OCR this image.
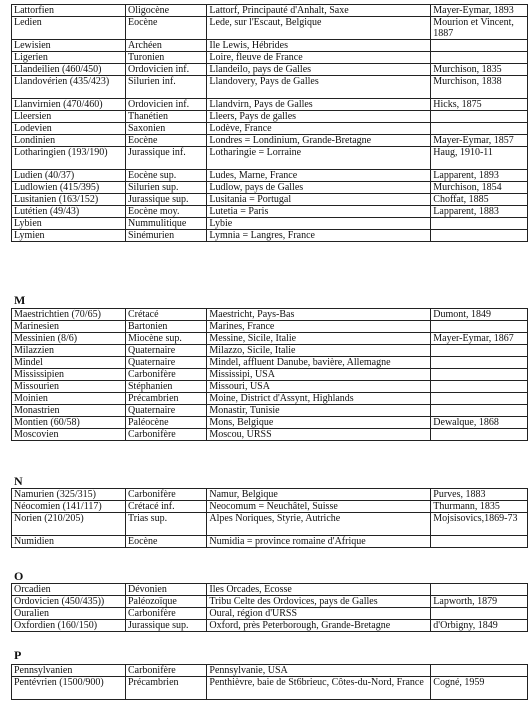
Lattorfien	Oligocène	Lattorf, Principauté d'Anhalt, Saxe	Mayer-Eymar, 1893
Ledien	Eocène	Lede, sur l'Escaut, Belgique	Mourion et Vincent, 1887
Lewisien	Archéen	Ile Lewis, Hébrides	
Ligerien	Turonien	Loire, fleuve de France	
Llandeilien (460/450)	Ordovicien inf.	Llandeilo, pays de Galles	Murchison, 1835
Llandovérien (435/423)	Silurien inf.	Llandovery, Pays de Galles	Murchison, 1838
Llanvirnien (470/460)	Ordovicien inf.	Llandvirn, Pays de Galles	Hicks, 1875
Lleersien	Thanétien	Lleers, Pays de galles	
Lodevien	Saxonien	Lodève, France	
Londinien	Eocène	Londres = Londinium, Grande-Bretagne	Mayer-Eymar, 1857
Lotharingien (193/190)	Jurassique inf.	Lotharingie = Lorraine	Haug, 1910-11
Ludien (40/37)	Eocène sup.	Ludes, Marne, France	Lapparent, 1893
Ludlowien (415/395)	Silurien sup.	Ludlow, pays de Galles	Murchison, 1854
Lusitanien (163/152)	Jurassique sup.	Lusitania = Portugal	Choffat, 1885
Lutétien (49/43)	Eocène moy.	Lutetia = Paris	Lapparent, 1883
Lybien	Nummulitique	Lybie	
Lymien	Sinémurien	Lymnia = Langres, France	
M
Maestrichtien (70/65)	Crétacé	Maestricht, Pays-Bas	Dumont, 1849
Marinesien	Bartonien	Marines, France	
Messinien (8/6)	Miocène sup.	Messine, Sicile, Italie	Mayer-Eymar, 1867
Milazzien	Quaternaire	Milazzo, Sicile, Italie	
Mindel	Quaternaire	Mindel, affluent Danube, bavière, Allemagne	
Mississipien	Carbonifère	Mississipi, USA	
Missourien	Stéphanien	Missouri, USA	
Moinien	Précambrien	Moine, District d'Assynt, Highlands	
Monastrien	Quaternaire	Monastir, Tunisie	
Montien (60/58)	Paléocène	Mons, Belgique	Dewalque, 1868
Moscovien	Carbonifère	Moscou, URSS	
N
Namurien (325/315)	Carbonifère	Namur, Belgique	Purves, 1883
Néocomien (141/117)	Crétacé inf.	Neocomum = Neuchâtel, Suisse	Thurmann, 1835
Norien (210/205)	Trias sup.	Alpes Noriques, Styrie, Autriche	Mojsisovics,1869-73
Numidien	Eocène	Numidia = province romaine d'Afrique	
O
Orcadien	Dévonien	Iles Orcades, Ecosse	
Ordovicien (450/435))	Paléozoïque	Tribu Celte des Ordovices, pays de Galles	Lapworth, 1879
Ouralien	Carbonifère	Oural, région d'URSS	
Oxfordien (160/150)	Jurassique sup.	Oxford, près Peterborough, Grande-Bretagne	d'Orbigny, 1849
P
Pennsylvanien	Carbonifère	Pennsylvanie, USA	
Pentévrien (1500/900)	Précambrien	Penthièvre, baie de St6brieuc, Côtes-du-Nord, France	Cogné, 1959
